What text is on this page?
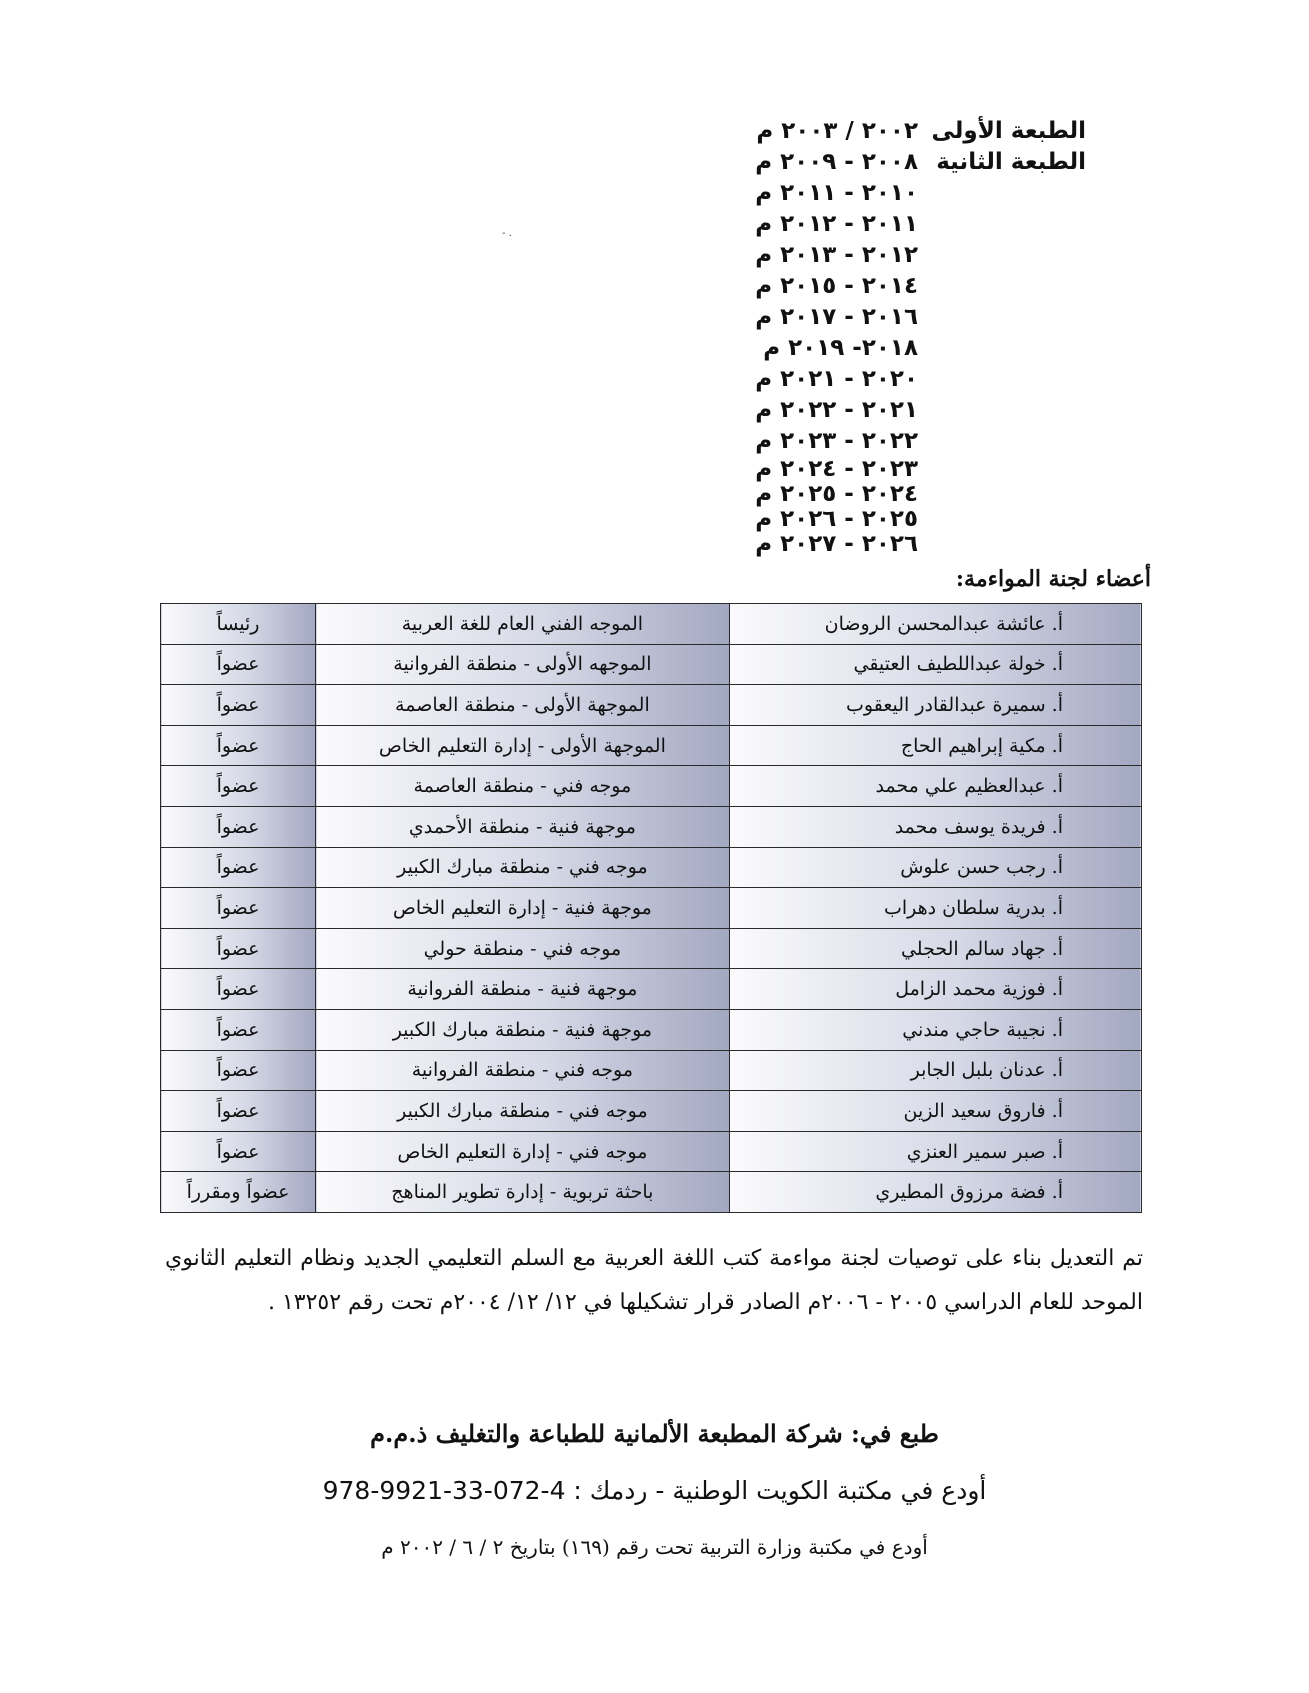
الطبعة الأولى٢٠٠٢ / ٢٠٠٣ م
الطبعة الثانية٢٠٠٨ - ٢٠٠٩ م
٢٠١٠ - ٢٠١١ م
٢٠١١ - ٢٠١٢ م
٢٠١٢ - ٢٠١٣ م
٢٠١٤ - ٢٠١٥ م
٢٠١٦ - ٢٠١٧ م
٢٠١٨- ٢٠١٩ م
٢٠٢٠ - ٢٠٢١ م
٢٠٢١ - ٢٠٢٢ م
٢٠٢٢ - ٢٠٢٣ م
٢٠٢٣ - ٢٠٢٤ م
٢٠٢٤ - ٢٠٢٥ م
٢٠٢٥ - ٢٠٢٦ م
٢٠٢٦ - ٢٠٢٧ م
- .
أعضاء لجنة المواءمة:
أ. عائشة عبدالمحسن الروضان	الموجه الفني العام للغة العربية	رئيساً
أ. خولة عبداللطيف العتيقي	الموجهه الأولى - منطقة الفروانية	عضواً
أ. سميرة عبدالقادر اليعقوب	الموجهة الأولى - منطقة العاصمة	عضواً
أ. مكية إبراهيم الحاج	الموجهة الأولى - إدارة التعليم الخاص	عضواً
أ. عبدالعظيم علي محمد	موجه فني - منطقة العاصمة	عضواً
أ. فريدة يوسف محمد	موجهة فنية - منطقة الأحمدي	عضواً
أ. رجب حسن علوش	موجه فني - منطقة مبارك الكبير	عضواً
أ. بدرية سلطان دهراب	موجهة فنية - إدارة التعليم الخاص	عضواً
أ. جهاد سالم الحجلي	موجه فني - منطقة حولي	عضواً
أ. فوزية محمد الزامل	موجهة فنية - منطقة الفروانية	عضواً
أ. نجيبة حاجي مندني	موجهة فنية - منطقة مبارك الكبير	عضواً
أ. عدنان بلبل الجابر	موجه فني - منطقة الفروانية	عضواً
أ. فاروق سعيد الزين	موجه فني - منطقة مبارك الكبير	عضواً
أ. صبر سمير العنزي	موجه فني - إدارة التعليم الخاص	عضواً
أ. فضة مرزوق المطيري	باحثة تربوية - إدارة تطوير المناهج	عضواً ومقرراً
تم التعديل بناء على توصيات لجنة مواءمة كتب اللغة العربية مع السلم التعليمي الجديد ونظام التعليم الثانوي الموحد للعام الدراسي ٢٠٠٥ - ٢٠٠٦م الصادر قرار تشكيلها في ١٢/ ١٢/ ٢٠٠٤م تحت رقم ١٣٢٥٢ .
طبع في: شركة المطبعة الألمانية للطباعة والتغليف ذ.م.م
أودع في مكتبة الكويت الوطنية - ردمك : 978-9921-33-072-4
أودع في مكتبة وزارة التربية تحت رقم (١٦٩) بتاريخ ٢ / ٦ / ٢٠٠٢ م
